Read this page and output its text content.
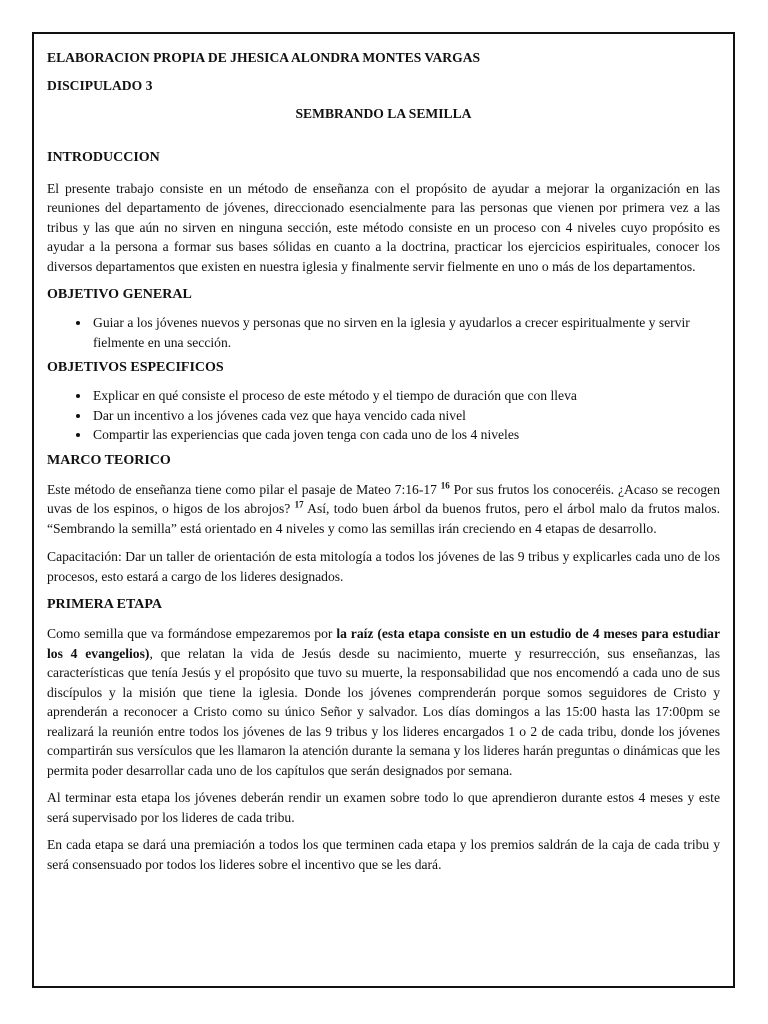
ELABORACION PROPIA DE JHESICA ALONDRA MONTES VARGAS

DISCIPULADO 3

SEMBRANDO LA SEMILLA

INTRODUCCION

El presente trabajo consiste en un método de enseñanza con el propósito de ayudar a mejorar la organización en las reuniones del departamento de jóvenes, direccionado esencialmente para las personas que vienen por primera vez a las tribus y las que aún no sirven en ninguna sección, este método consiste en un proceso con 4 niveles cuyo propósito es ayudar a la persona a formar sus bases sólidas en cuanto a la doctrina, practicar los ejercicios espirituales, conocer los diversos departamentos que existen en nuestra iglesia y finalmente servir fielmente en uno o más de los departamentos.

OBJETIVO GENERAL
• Guiar a los jóvenes nuevos y personas que no sirven en la iglesia y ayudarlos a crecer espiritualmente y servir fielmente en una sección.
OBJETIVOS ESPECIFICOS
• Explicar en qué consiste el proceso de este método y el tiempo de duración que con lleva
• Dar un incentivo a los jóvenes cada vez que haya vencido cada nivel
• Compartir las experiencias que cada joven tenga con cada uno de los 4 niveles
MARCO TEORICO

Este método de enseñanza tiene como pilar el pasaje de Mateo 7:16-17 $^{16}$ Por sus frutos los conoceréis. ¿Acaso se recogen uvas de los espinos, o higos de los abrojos? $^{17}$ Así, todo buen árbol da buenos frutos, pero el árbol malo da frutos malos. “Sembrando la semilla” está orientado en 4 niveles y como las semillas irán creciendo en 4 etapas de desarrollo.

Capacitación: Dar un taller de orientación de esta mitología a todos los jóvenes de las 9 tribus y explicarles cada uno de los procesos, esto estará a cargo de los lideres designados.

PRIMERA ETAPA

Como semilla que va formándose empezaremos por la raíz (esta etapa consiste en un estudio de 4 meses para estudiar los 4 evangelios), que relatan la vida de Jesús desde su nacimiento, muerte y resurrección, sus enseñanzas, las características que tenía Jesús y el propósito que tuvo su muerte, la responsabilidad que nos encomendó a cada uno de sus discípulos y la misión que tiene la iglesia. Donde los jóvenes comprenderán porque somos seguidores de Cristo y aprenderán a reconocer a Cristo como su único Señor y salvador. Los días domingos a las 15:00 hasta las 17:00pm se realizará la reunión entre todos los jóvenes de las 9 tribus y los lideres encargados 1 o 2 de cada tribu, donde los jóvenes compartirán sus versículos que les llamaron la atención durante la semana y los lideres harán preguntas o dinámicas que les permita poder desarrollar cada uno de los capítulos que serán designados por semana.

Al terminar esta etapa los jóvenes deberán rendir un examen sobre todo lo que aprendieron durante estos 4 meses y este será supervisado por los lideres de cada tribu.

En cada etapa se dará una premiación a todos los que terminen cada etapa y los premios saldrán de la caja de cada tribu y será consensuado por todos los lideres sobre el incentivo que se les dará.
